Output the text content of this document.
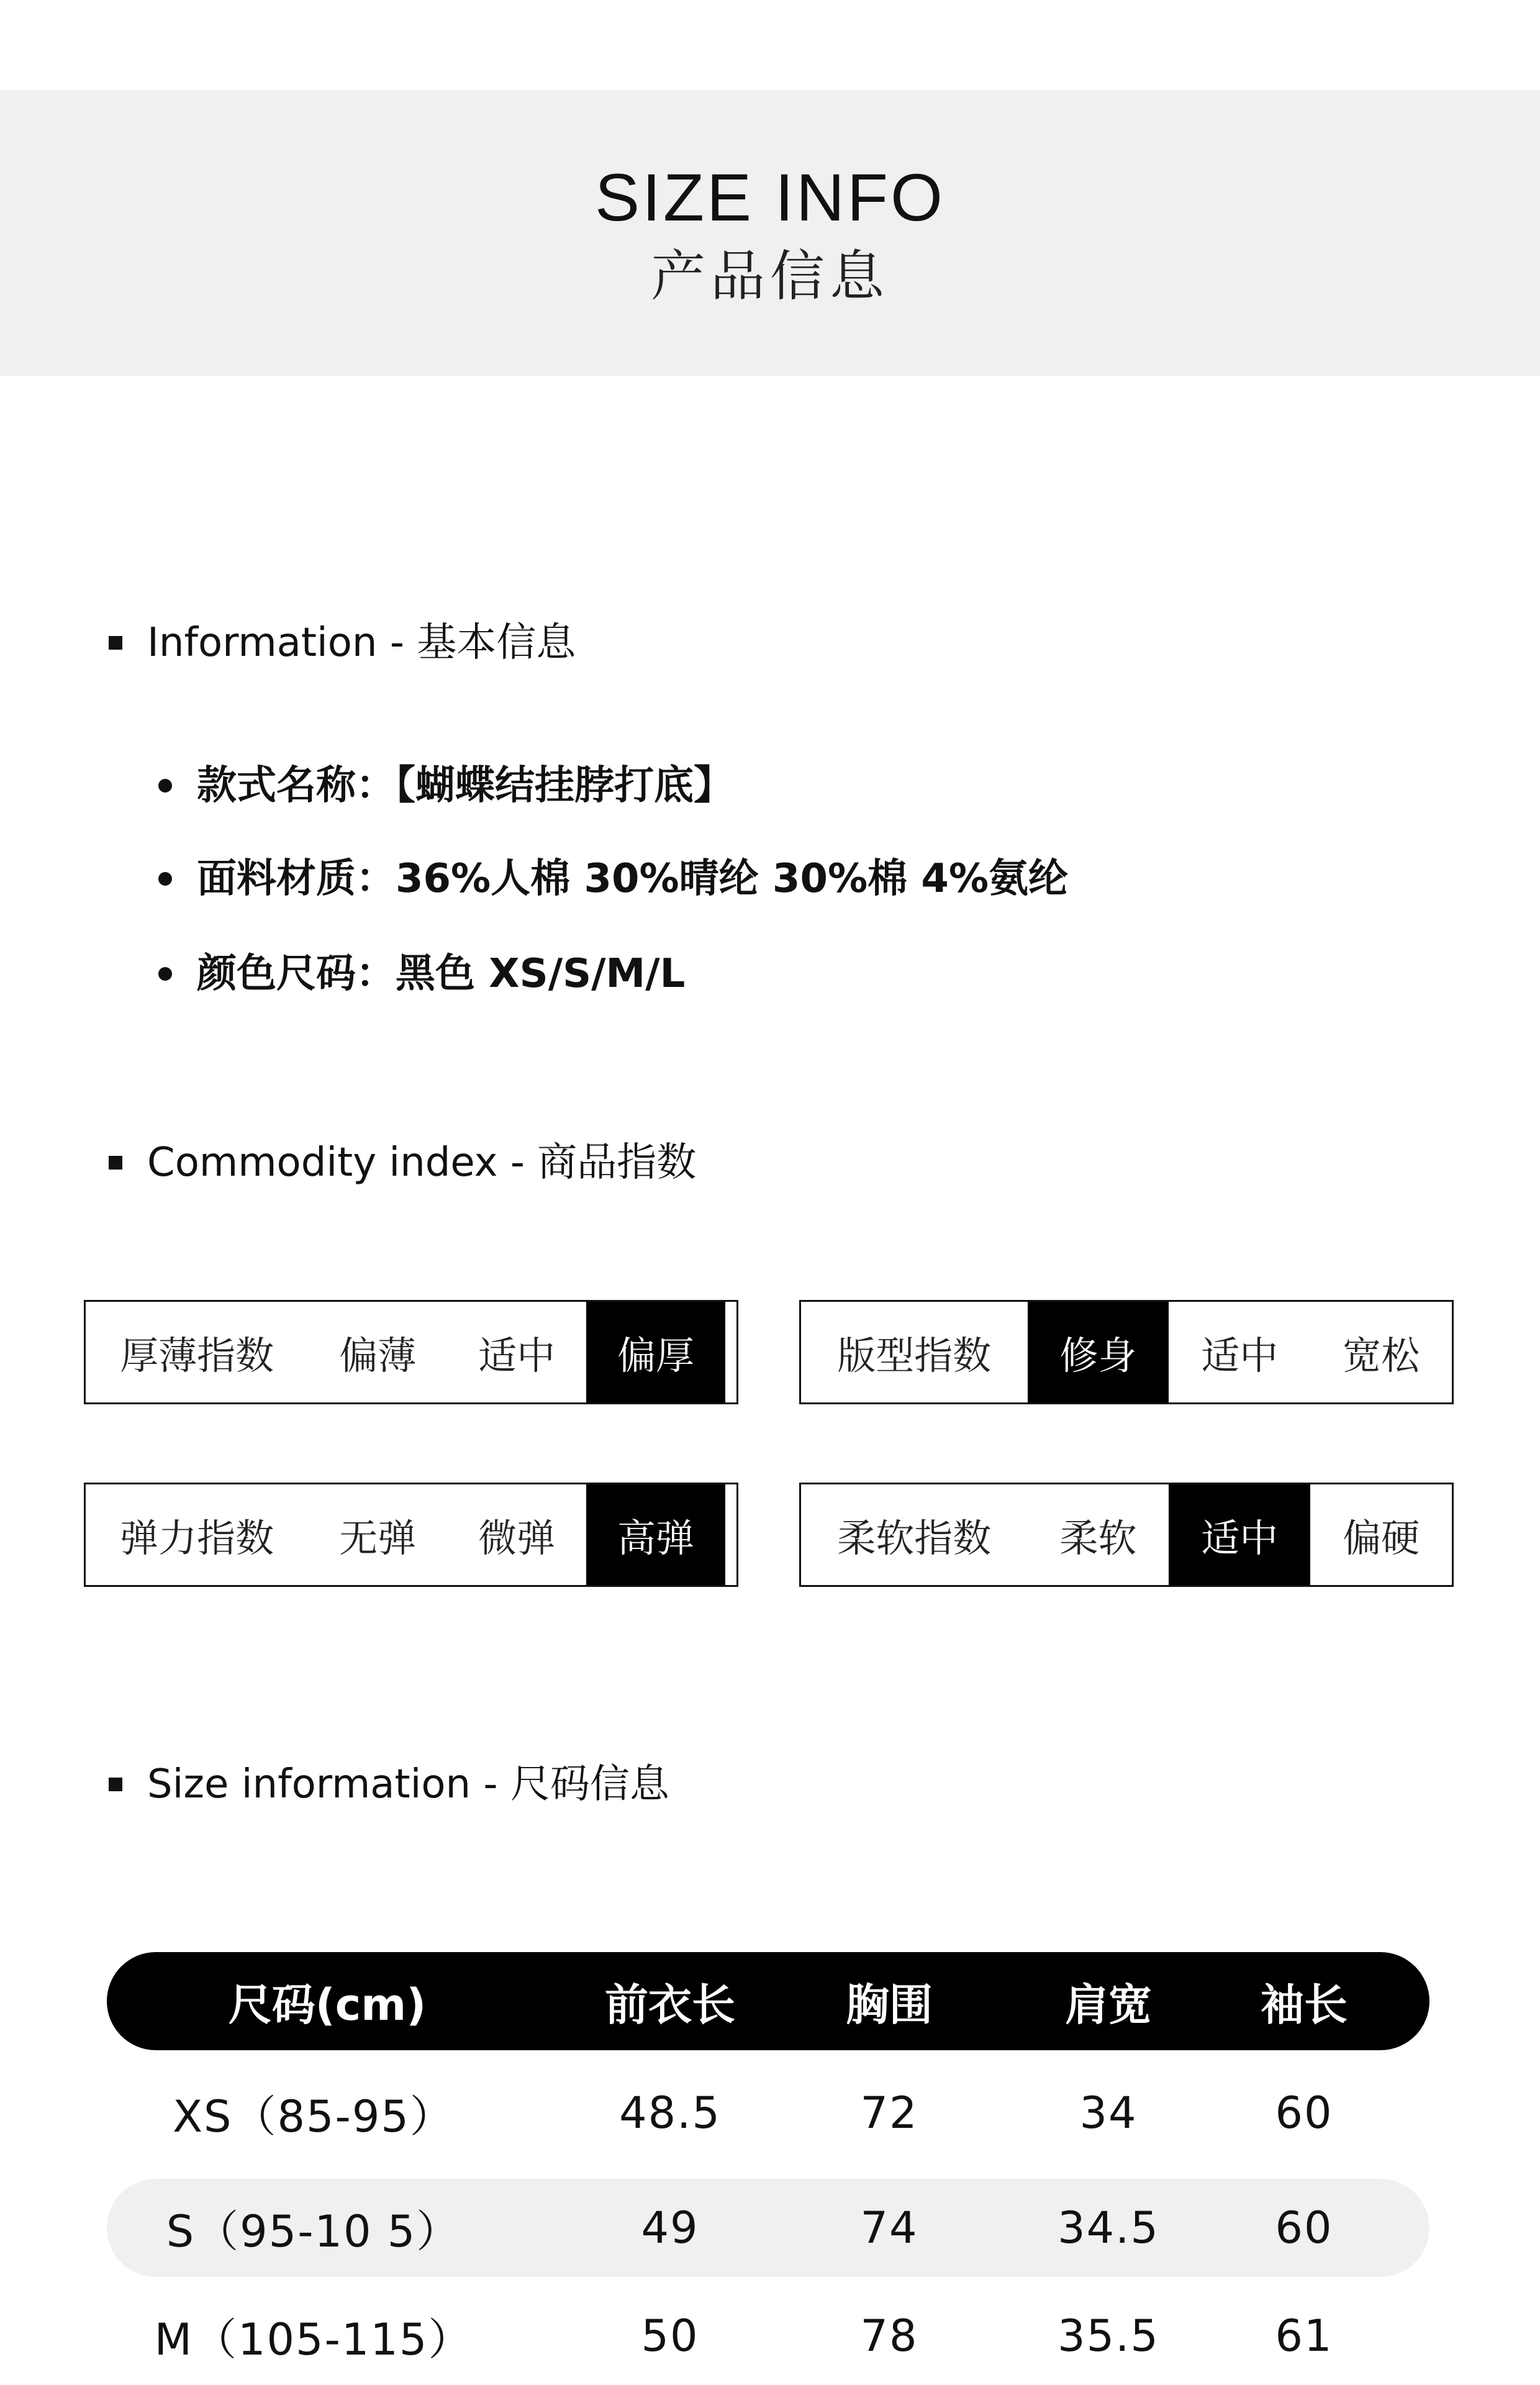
SIZE INFO
产品信息
Information - 基本信息
款式名称：【蝴蝶结挂脖打底】
面料材质：36%人棉 30%晴纶 30%棉 4%氨纶
颜色尺码：黑色 XS/S/M/L
Commodity index - 商品指数
厚薄指数	偏薄	适中	偏厚	版型指数	修身	适中	宽松
弹力指数	无弹	微弹	高弹	柔软指数	柔软	适中	偏硬
Size information - 尺码信息
尺码(cm)	前衣长	胸围	肩宽	袖长
XS（85-95）	48.5	72	34	60
S（95-10 5）	49	74	34.5	60
M（105-115）	50	78	35.5	61
